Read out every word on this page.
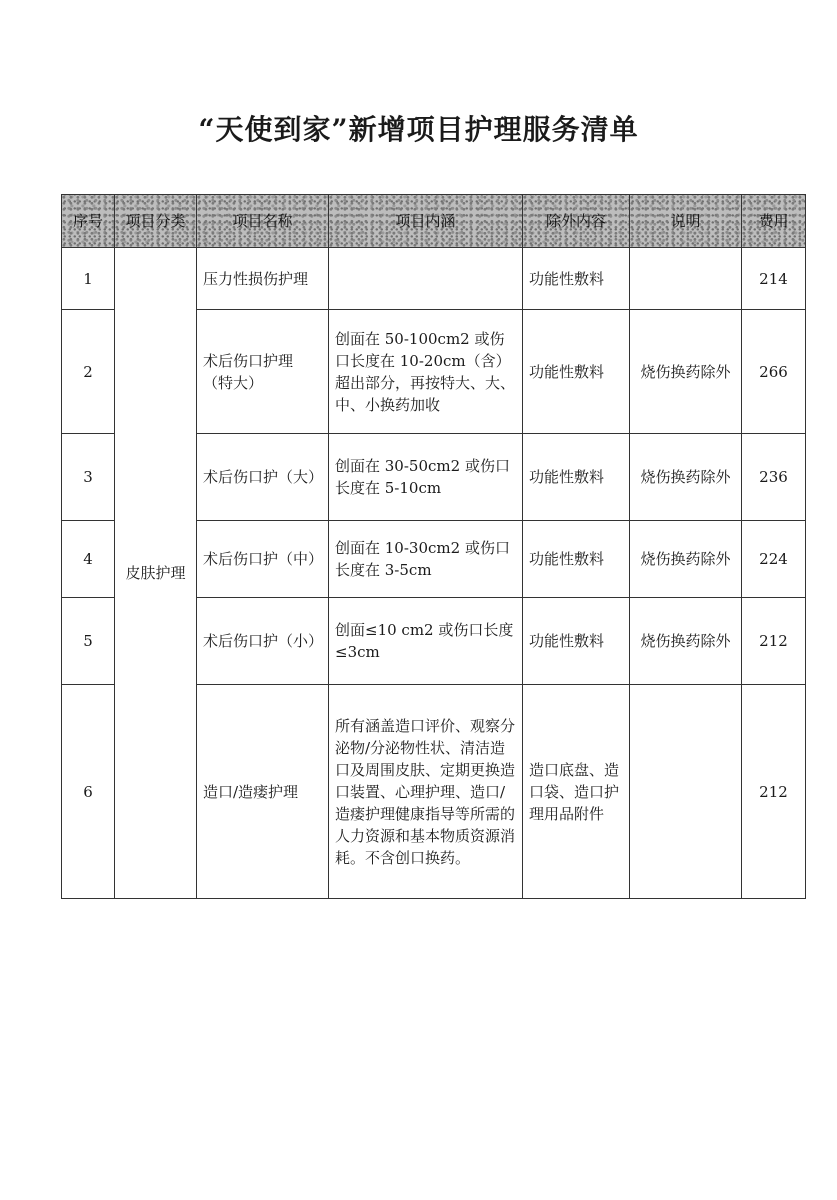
“天使到家”新增项目护理服务清单
序号	项目分类	项目名称	项目内涵	除外内容	说明	费用
1	皮肤护理	压力性损伤护理		功能性敷料		214
2		术后伤口护理（特大）	创面在 50-100cm2 或伤口长度在 10-20cm（含）超出部分，再按特大、大、中、小换药加收	功能性敷料	烧伤换药除外	266
3		术后伤口护（大）	创面在 30-50cm2 或伤口长度在 5-10cm	功能性敷料	烧伤换药除外	236
4		术后伤口护（中）	创面在 10-30cm2 或伤口长度在 3-5cm	功能性敷料	烧伤换药除外	224
5		术后伤口护（小）	创面≤10 cm2 或伤口长度≤3cm	功能性敷料	烧伤换药除外	212
6		造口/造瘘护理	所有涵盖造口评价、观察分泌物/分泌物性状、清洁造口及周围皮肤、定期更换造口装置、心理护理、造口/造瘘护理健康指导等所需的人力资源和基本物质资源消耗。不含创口换药。	造口底盘、造口袋、造口护理用品附件		212
